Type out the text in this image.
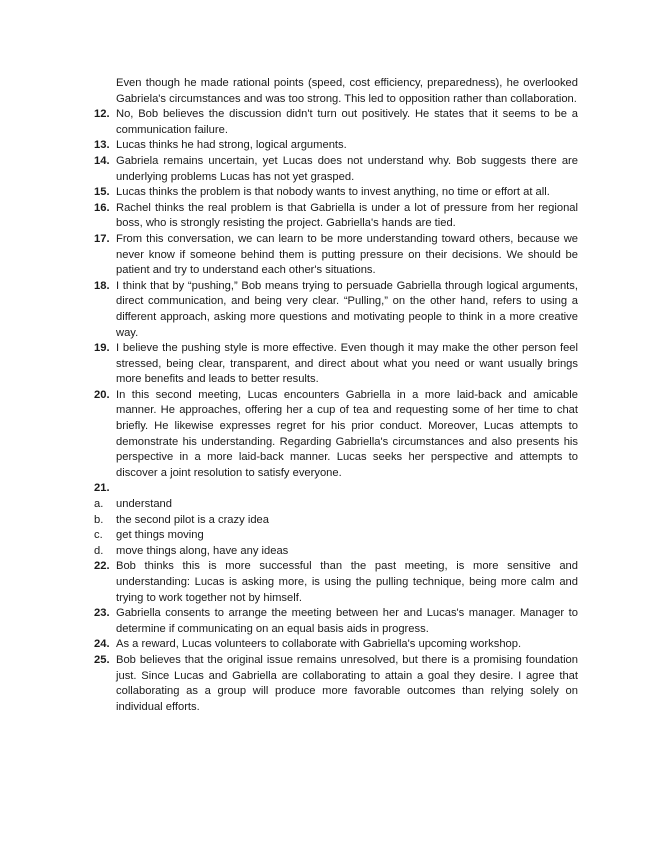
Even though he made rational points (speed, cost efficiency, preparedness), he overlooked Gabriela's circumstances and was too strong. This led to opposition rather than collaboration.
12. No, Bob believes the discussion didn't turn out positively. He states that it seems to be a communication failure.
13. Lucas thinks he had strong, logical arguments.
14. Gabriela remains uncertain, yet Lucas does not understand why. Bob suggests there are underlying problems Lucas has not yet grasped.
15. Lucas thinks the problem is that nobody wants to invest anything, no time or effort at all.
16. Rachel thinks the real problem is that Gabriella is under a lot of pressure from her regional boss, who is strongly resisting the project. Gabriella's hands are tied.
17. From this conversation, we can learn to be more understanding toward others, because we never know if someone behind them is putting pressure on their decisions. We should be patient and try to understand each other's situations.
18. I think that by “pushing,” Bob means trying to persuade Gabriella through logical arguments, direct communication, and being very clear. “Pulling,” on the other hand, refers to using a different approach, asking more questions and motivating people to think in a more creative way.
19. I believe the pushing style is more effective. Even though it may make the other person feel stressed, being clear, transparent, and direct about what you need or want usually brings more benefits and leads to better results.
20. In this second meeting, Lucas encounters Gabriella in a more laid-back and amicable manner. He approaches, offering her a cup of tea and requesting some of her time to chat briefly. He likewise expresses regret for his prior conduct. Moreover, Lucas attempts to demonstrate his understanding. Regarding Gabriella's circumstances and also presents his perspective in a more laid-back manner. Lucas seeks her perspective and attempts to discover a joint resolution to satisfy everyone.
21.

a.	understand
b.	the second pilot is a crazy idea
c.	get things moving
d.	move things along, have any ideas
22. Bob thinks this is more successful than the past meeting, is more sensitive and understanding: Lucas is asking more, is using the pulling technique, being more calm and trying to work together not by himself.
23. Gabriella consents to arrange the meeting between her and Lucas's manager. Manager to determine if communicating on an equal basis aids in progress.
24. As a reward, Lucas volunteers to collaborate with Gabriella's upcoming workshop.
25. Bob believes that the original issue remains unresolved, but there is a promising foundation just. Since Lucas and Gabriella are collaborating to attain a goal they desire. I agree that collaborating as a group will produce more favorable outcomes than relying solely on individual efforts.
